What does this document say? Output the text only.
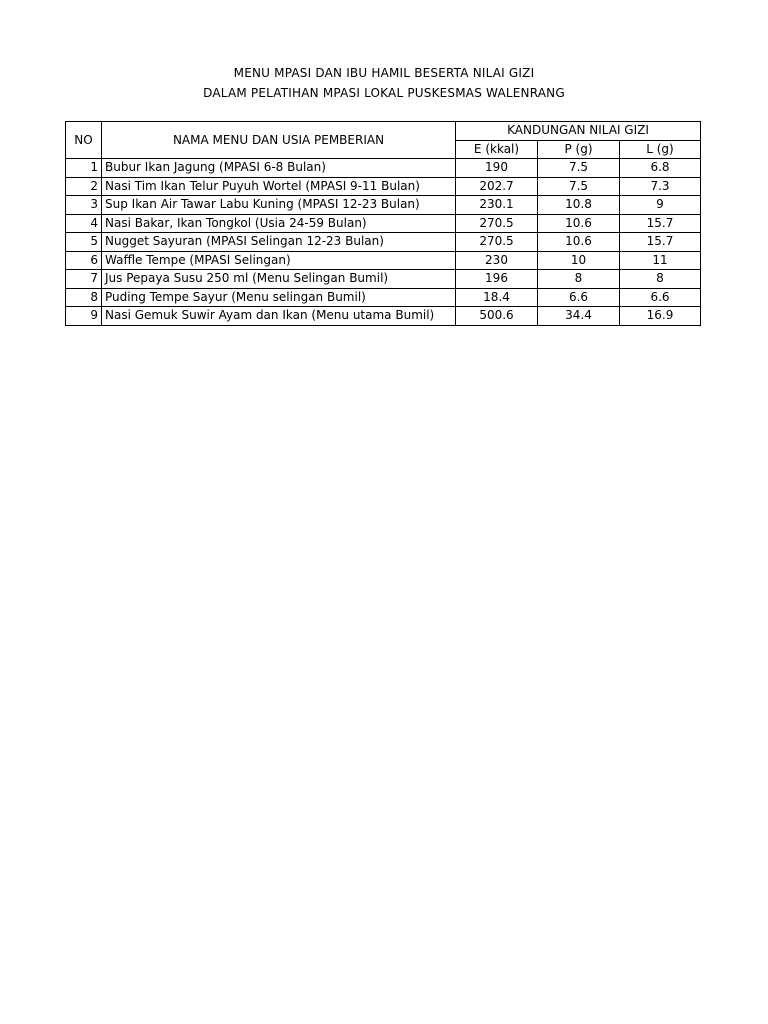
MENU MPASI DAN IBU HAMIL BESERTA NILAI GIZI
DALAM PELATIHAN MPASI LOKAL PUSKESMAS WALENRANG
NO	NAMA MENU DAN USIA PEMBERIAN	KANDUNGAN NILAI GIZI		
		E (kkal)	P (g)	L (g)
1	Bubur Ikan Jagung (MPASI 6-8 Bulan)	190	7.5	6.8
2	Nasi Tim Ikan Telur Puyuh Wortel (MPASI 9-11 Bulan)	202.7	7.5	7.3
3	Sup Ikan Air Tawar Labu Kuning (MPASI 12-23 Bulan)	230.1	10.8	9
4	Nasi Bakar, Ikan Tongkol (Usia 24-59 Bulan)	270.5	10.6	15.7
5	Nugget Sayuran (MPASI Selingan 12-23 Bulan)	270.5	10.6	15.7
6	Waffle Tempe (MPASI Selingan)	230	10	11
7	Jus Pepaya Susu 250 ml (Menu Selingan Bumil)	196	8	8
8	Puding Tempe Sayur (Menu selingan Bumil)	18.4	6.6	6.6
9	Nasi Gemuk Suwir Ayam dan Ikan (Menu utama Bumil)	500.6	34.4	16.9
